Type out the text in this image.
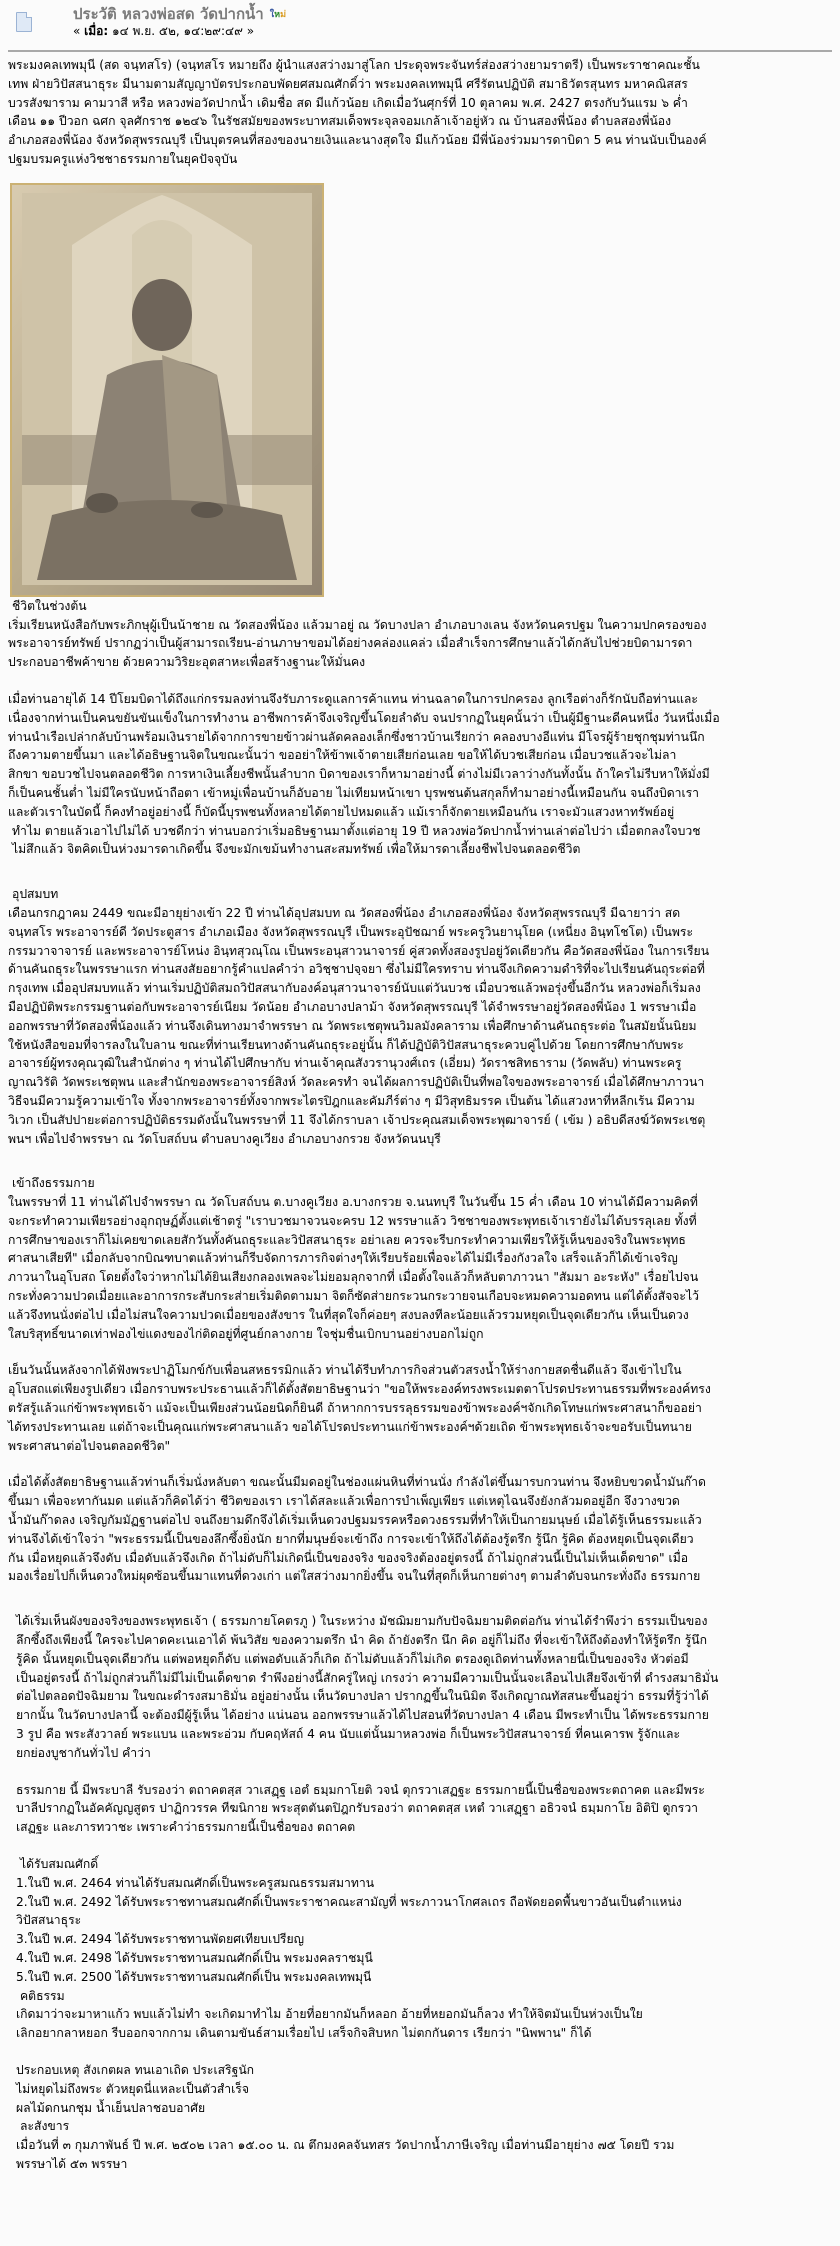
ประวัติ หลวงพ่อสด วัดปากน้ำ ใหม่
« เมื่อ: ๑๔ พ.ย. ๕๒, ๑๔:๒๙:๔๙ »

พระมงคลเทพมุนี (สด จนฺทสโร) (จนฺทสโร หมายถึง ผู้นำแสงสว่างมาสู่โลก ประดุจพระจันทร์ส่องสว่างยามราตรี) เป็นพระราชาคณะชั้น
เทพ ฝ่ายวิปัสสนาธุระ มีนามตามสัญญาบัตรประกอบพัดยศสมณศักดิ์ว่า พระมงคลเทพมุนี ศรีรัตนปฏิบัติ สมาธิวัตรสุนทร มหาคณิสสร
บวรสังฆาราม คามวาสี หรือ หลวงพ่อวัดปากน้ำ เดิมชื่อ สด มีแก้วน้อย เกิดเมื่อวันศุกร์ที่ 10 ตุลาคม พ.ศ. 2427 ตรงกับวันแรม ๖ ค่ำ
เดือน ๑๑ ปีวอก ฉศก จุลศักราช ๑๒๔๖ ในรัชสมัยของพระบาทสมเด็จพระจุลจอมเกล้าเจ้าอยู่หัว ณ บ้านสองพี่น้อง ตำบลสองพี่น้อง
อำเภอสองพี่น้อง จังหวัดสุพรรณบุรี เป็นบุตรคนที่สองของนายเงินและนางสุดใจ มีแก้วน้อย มีพี่น้องร่วมมารดาบิดา 5 คน ท่านนับเป็นองค์
ปฐมบรมครูแห่งวิชชาธรรมกายในยุคปัจจุบัน

ชีวิตในช่วงต้น

เริ่มเรียนหนังสือกับพระภิกษุผู้เป็นน้าชาย ณ วัดสองพี่น้อง แล้วมาอยู่ ณ วัดบางปลา อำเภอบางเลน จังหวัดนครปฐม ในความปกครองของ
พระอาจารย์ทรัพย์ ปรากฏว่าเป็นผู้สามารถเรียน-อ่านภาษาขอมได้อย่างคล่องแคล่ว เมื่อสำเร็จการศึกษาแล้วได้กลับไปช่วยบิดามารดา
ประกอบอาชีพค้าขาย ด้วยความวิริยะอุตสาหะเพื่อสร้างฐานะให้มั่นคง

เมื่อท่านอายุได้ 14 ปีโยมบิดาได้ถึงแก่กรรมลงท่านจึงรับภาระดูแลการค้าแทน ท่านฉลาดในการปกครอง ลูกเรือต่างก็รักนับถือท่านและ
เนื่องจากท่านเป็นคนขยันขันแข็งในการทำงาน อาชีพการค้าจึงเจริญขึ้นโดยลำดับ จนปรากฏในยุคนั้นว่า เป็นผู้มีฐานะดีคนหนึ่ง วันหนึ่งเมื่อ
ท่านนำเรือเปล่ากลับบ้านพร้อมเงินรายได้จากการขายข้าวผ่านลัดคลองเล็กซึ่งชาวบ้านเรียกว่า คลองบางอีแท่น มีโจรผู้ร้ายชุกชุมท่านนึก
ถึงความตายขึ้นมา และได้อธิษฐานจิตในขณะนั้นว่า ขออย่าให้ข้าพเจ้าตายเสียก่อนเลย ขอให้ได้บวชเสียก่อน เมื่อบวชแล้วจะไม่ลา
สิกขา ขอบวชไปจนตลอดชีวิต การหาเงินเลี้ยงชีพนั้นลำบาก บิดาของเราก็หามาอย่างนี้ ต่างไม่มีเวลาว่างกันทั้งนั้น ถ้าใครไม่รีบหาให้มั่งมี
ก็เป็นคนชั้นต่ำ ไม่มีใครนับหน้าถือตา เข้าหมู่เพื่อนบ้านก็อับอาย ไม่เทียมหน้าเขา บุรพชนต้นสกุลก็ทำมาอย่างนี้เหมือนกัน จนถึงบิดาเรา
และตัวเราในบัดนี้ ก็คงทำอยู่อย่างนี้ ก็บัดนี้บุรพชนทั้งหลายได้ตายไปหมดแล้ว แม้เราก็จักตายเหมือนกัน เราจะมัวแสวงหาทรัพย์อยู่
ทำไม ตายแล้วเอาไปไม่ได้ บวชดีกว่า ท่านบอกว่าเริ่มอธิษฐานมาตั้งแต่อายุ 19 ปี หลวงพ่อวัดปากน้ำท่านเล่าต่อไปว่า เมื่อตกลงใจบวช
ไม่สึกแล้ว จิตคิดเป็นห่วงมารดาเกิดขึ้น จึงขะมักเขม้นทำงานสะสมทรัพย์ เพื่อให้มารดาเลี้ยงชีพไปจนตลอดชีวิต

อุปสมบท

เดือนกรกฎาคม 2449 ขณะมีอายุย่างเข้า 22 ปี ท่านได้อุปสมบท ณ วัดสองพี่น้อง อำเภอสองพี่น้อง จังหวัดสุพรรณบุรี มีฉายาว่า สด
จนฺทสโร พระอาจารย์ดี วัดประตูสาร อำเภอเมือง จังหวัดสุพรรณบุรี เป็นพระอุปัชฌาย์ พระครูวินยานุโยค (เหนี่ยง อินฺทโชโต) เป็นพระ
กรรมวาจาจารย์ และพระอาจารย์โหน่ง อินฺทสุวณฺโณ เป็นพระอนุสาวนาจารย์ คู่สวดทั้งสองรูปอยู่วัดเดียวกัน คือวัดสองพี่น้อง ในการเรียน
ด้านคันถธุระในพรรษาแรก ท่านสงสัยอยากรู้คำแปลคำว่า อวิชฺชาปจฺจยา ซึ่งไม่มีใครทราบ ท่านจึงเกิดความดำริที่จะไปเรียนคันถุระต่อที่
กรุงเทพ เมื่ออุปสมบทแล้ว ท่านเริ่มปฏิบัติสมถวิปัสสนากับองค์อนุสาวนาจารย์นับแต่วันบวช เมื่อบวชแล้วพอรุ่งขึ้นอีกวัน หลวงพ่อก็เริ่มลง
มือปฏิบัติพระกรรมฐานต่อกับพระอาจารย์เนียม วัดน้อย อำเภอบางปลาม้า จังหวัดสุพรรณบุรี ได้จำพรรษาอยู่วัดสองพี่น้อง 1 พรรษาเมื่อ
ออกพรรษาที่วัดสองพี่น้องแล้ว ท่านจึงเดินทางมาจำพรรษา ณ วัดพระเชตุพนวิมลมังคลาราม เพื่อศึกษาด้านคันถธุระต่อ ในสมัยนั้นนิยม
ใช้หนังสือขอมที่จารลงในใบลาน ขณะที่ท่านเรียนทางด้านคันถธุระอยู่นั้น ก็ได้ปฏิบัติวิปัสสนาธุระควบคู่ไปด้วย โดยการศึกษากับพระ
อาจารย์ผู้ทรงคุณวุฒิในสำนักต่าง ๆ ท่านได้ไปศึกษากับ ท่านเจ้าคุณสังวรานุวงศ์เถร (เอี่ยม) วัดราชสิทธาราม (วัดพลับ) ท่านพระครู
ญาณวิรัติ วัดพระเชตุพน และสำนักของพระอาจารย์สิงห์ วัดละครทำ จนได้ผลการปฏิบัติเป็นที่พอใจของพระอาจารย์ เมื่อได้ศึกษาภาวนา
วิธีจนมีความรู้ความเข้าใจ ทั้งจากพระอาจารย์ทั้งจากพระไตรปิฎกและคัมภีร์ต่าง ๆ มีวิสุทธิมรรค เป็นต้น ได้แสวงหาที่หลีกเร้น มีความ
วิเวก เป็นสัปปายะต่อการปฏิบัติธรรมดังนั้นในพรรษาที่ 11 จึงได้กราบลา เจ้าประคุณสมเด็จพระพุฒาจารย์ ( เข้ม ) อธิบดีสงฆ์วัดพระเชตุ
พนฯ เพื่อไปจำพรรษา ณ วัดโบสถ์บน ตำบลบางคูเวียง อำเภอบางกรวย จังหวัดนนบุรี

เข้าถึงธรรมกาย

ในพรรษาที่ 11 ท่านได้ไปจำพรรษา ณ วัดโบสถ์บน ต.บางคูเวียง อ.บางกรวย จ.นนทบุรี ในวันขึ้น 15 ค่ำ เดือน 10 ท่านได้มีความคิดที่
จะกระทำความเพียรอย่างอุกฤษฏ์ตั้งแต่เช้าตรู่ "เราบวชมาจวนจะครบ 12 พรรษาแล้ว วิชชาของพระพุทธเจ้าเรายังไม่ได้บรรลุเลย ทั้งที่
การศึกษาของเราก็ไม่เคยขาดเลยสักวันทั้งคันถธุระและวิปัสสนาธุระ อย่าเลย ควรจะรีบกระทำความเพียรให้รู้เห็นของจริงในพระพุทธ
ศาสนาเสียที" เมื่อกลับจากบิณฑบาตแล้วท่านก็รีบจัดการภารกิจต่างๆให้เรียบร้อยเพื่อจะได้ไม่มีเรื่องกังวลใจ เสร็จแล้วก็ได้เข้าเจริญ
ภาวนาในอุโบสถ โดยตั้งใจว่าหากไม่ได้ยินเสียงกลองเพลจะไม่ยอมลุกจากที่ เมื่อตั้งใจแล้วก็หลับตาภาวนา "สัมมา อะระหัง" เรื่อยไปจน
กระทั่งความปวดเมื่อยและอาการกระสับกระส่ายเริ่มติดตามมา จิตก็ซัดส่ายกระวนกระวายจนเกือบจะหมดความอดทน แต่ได้ตั้งสัจจะไว้
แล้วจึงทนนั่งต่อไป เมื่อไม่สนใจความปวดเมื่อยของสังขาร ในที่สุดใจก็ค่อยๆ สงบลงทีละน้อยแล้วรวมหยุดเป็นจุดเดียวกัน เห็นเป็นดวง
ใสบริสุทธิ์ขนาดเท่าฟองไข่แดงของไก่ติดอยู่ที่ศูนย์กลางกาย ใจชุ่มชื่นเบิกบานอย่างบอกไม่ถูก

เย็นวันนั้นหลังจากได้ฟังพระปาฏิโมกข์กับเพื่อนสหธรรมิกแล้ว ท่านได้รีบทำภารกิจส่วนตัวสรงน้ำให้ร่างกายสดชื่นดีแล้ว จึงเข้าไปใน
อุโบสถแต่เพียงรูปเดียว เมื่อกราบพระประธานแล้วก็ได้ตั้งสัตยาธิษฐานว่า "ขอให้พระองค์ทรงพระเมตตาโปรดประทานธรรมที่พระองค์ทรง
ตรัสรู้แล้วแก่ข้าพระพุทธเจ้า แม้จะเป็นเพียงส่วนน้อยนิดก็ยินดี ถ้าหากการบรรลุธรรมของข้าพระองค์ฯจักเกิดโทษแก่พระศาสนาก็ขออย่า
ได้ทรงประทานเลย แต่ถ้าจะเป็นคุณแก่พระศาสนาแล้ว ขอได้โปรดประทานแก่ข้าพระองค์ฯด้วยเถิด ข้าพระพุทธเจ้าจะขอรับเป็นทนาย
พระศาสนาต่อไปจนตลอดชีวิต"

เมื่อได้ตั้งสัตยาธิษฐานแล้วท่านก็เริ่มนั่งหลับตา ขณะนั้นมีมดอยู่ในช่องแผ่นหินที่ท่านนั่ง กำลังไต่ขึ้นมารบกวนท่าน จึงหยิบขวดน้ำมันก๊าด
ขึ้นมา เพื่อจะทากันมด แต่แล้วก็คิดได้ว่า ชีวิตของเรา เราได้สละแล้วเพื่อการบำเพ็ญเพียร แต่เหตุไฉนจึงยังกลัวมดอยู่อีก จึงวางขวด
น้ำมันก๊าดลง เจริญกัมมัฏฐานต่อไป จนถึงยามดึกจึงได้เริ่มเห็นดวงปฐมมรรคหรือดวงธรรมที่ทำให้เป็นกายมนุษย์ เมื่อได้รู้เห็นธรรมะแล้ว
ท่านจึงได้เข้าใจว่า "พระธรรมนี้เป็นของลึกซึ้งยิ่งนัก ยากที่มนุษย์จะเข้าถึง การจะเข้าให้ถึงได้ต้องรู้ตรึก รู้นึก รู้คิด ต้องหยุดเป็นจุดเดียว
กัน เมื่อหยุดแล้วจึงดับ เมื่อดับแล้วจึงเกิด ถ้าไม่ดับก็ไม่เกิดนี่เป็นของจริง ของจริงต้องอยู่ตรงนี้ ถ้าไม่ถูกส่วนนี้เป็นไม่เห็นเด็ดขาด" เมื่อ
มองเรื่อยไปก็เห็นดวงใหม่ผุดซ้อนขึ้นมาแทนที่ดวงเก่า แต่ใสสว่างมากยิ่งขึ้น จนในที่สุดก็เห็นกายต่างๆ ตามลำดับจนกระทั่งถึง ธรรมกาย

ได้เริ่มเห็นผังของจริงของพระพุทธเจ้า ( ธรรมกายโคตรภู ) ในระหว่าง มัชฌิมยามกับปัจฉิมยามติดต่อกัน ท่านได้รำพึงว่า ธรรมเป็นของ
ลึกซึ้งถึงเพียงนี้ ใครจะไปคาดคะเนเอาได้ พ้นวิสัย ของความตรึก นำ คิด ถ้ายังตรึก นึก คิด อยู่ก็ไม่ถึง ที่จะเข้าให้ถึงต้องทำให้รู้ตรึก รู้นึก
รู้คิด นั้นหยุดเป็นจุดเดียวกัน แต่พอหยุดก็ดับ แต่พอดับแล้วก็เกิด ถ้าไม่ดับแล้วก็ไม่เกิด ตรองดูเถิดท่านทั้งหลายนี่เป็นของจริง หัวต่อมี
เป็นอยู่ตรงนี้ ถ้าไม่ถูกส่วนก็ไม่มีไม่เป็นเด็ดขาด รำพึงอย่างนี้สักครู่ใหญ่ เกรงว่า ความมีความเป็นนั้นจะเลือนไปเสียจึงเข้าที่ ดำรงสมาธิมั่น
ต่อไปตลอดปัจฉิมยาม ในขณะดำรงสมาธิมั่น อยู่อย่างนั้น เห็นวัดบางปลา ปรากฏขึ้นในนิมิต จึงเกิดญาณทัสสนะขึ้นอยู่ว่า ธรรมที่รู้ว่าได้
ยากนั้น ในวัดบางปลานี้ จะต้องมีผู้รู้เห็น ได้อย่าง แน่นอน ออกพรรษาแล้วได้ไปสอนที่วัดบางปลา 4 เดือน มีพระทำเป็น ได้พระธรรมกาย
3 รูป คือ พระสังวาลย์ พระแบน และพระอ่วม กับคฤหัสถ์ 4 คน นับแต่นั้นมาหลวงพ่อ ก็เป็นพระวิปัสสนาจารย์ ที่คนเคารพ รู้จักและ
ยกย่องบูชากันทั่วไป คำว่า

ธรรมกาย นี้ มีพระบาลี รับรองว่า ตถาคตสฺส วาเสฏฺฐ เอตํ ธมฺมกาโยติ วจนํ ตุกรวาเสฏฐะ ธรรมกายนี้เป็นชื่อของพระตถาคต และมีพระ
บาลีปรากฏในอัคคัญญสูตร ปาฏิกวรรค ทีฆนิกาย พระสุตตันตปิฎกรับรองว่า ตถาคตสฺส เหตํ วาเสฏฺฐา อธิวจนํ ธมฺมกาโย อิติปิ ตูกรวา
เสฏฐะ และภารทวาชะ เพราะคำว่าธรรมกายนี้เป็นชื่อของ ตถาคต

ได้รับสมณศักดิ์

1.ในปี พ.ศ. 2464 ท่านได้รับสมณศักดิ์เป็นพระครูสมณธรรมสมาทาน
2.ในปี พ.ศ. 2492 ได้รับพระราชทานสมณศักดิ์เป็นพระราชาคณะสามัญที่ พระภาวนาโกศลเถร ถือพัดยอดพื้นขาวอันเป็นตำแหน่ง
วิปัสสนาธุระ
3.ในปี พ.ศ. 2494 ได้รับพระราชทานพัดยศเทียบเปรียญ
4.ในปี พ.ศ. 2498 ได้รับพระราชทานสมณศักดิ์เป็น พระมงคลราชมุนี
5.ในปี พ.ศ. 2500 ได้รับพระราชทานสมณศักดิ์เป็น พระมงคลเทพมุนี

คติธรรม

เกิดมาว่าจะมาหาแก้ว พบแล้วไม่ทำ จะเกิดมาทำไม อ้ายที่อยากมันก็หลอก อ้ายที่หยอกมันก็ลวง ทำให้จิตมันเป็นห่วงเป็นใย
เลิกอยากลาหยอก รีบออกจากกาม เดินตามขันธ์สามเรื่อยไป เสร็จกิจสิบหก ไม่ตกกันดาร เรียกว่า "นิพพาน" ก็ได้

ประกอบเหตุ สังเกตผล ทนเอาเถิด ประเสริฐนัก
ไม่หยุดไม่ถึงพระ ตัวหยุดนี่แหละเป็นตัวสำเร็จ
ผลไม้ดกนกชุม น้ำเย็นปลาชอบอาศัย

ละสังขาร

เมื่อวันที่ ๓ กุมภาพันธ์ ปี พ.ศ. ๒๕๐๒ เวลา ๑๕.๐๐ น. ณ ตึกมงคลจันทสร วัดปากน้ำภาษีเจริญ เมื่อท่านมีอายุย่าง ๗๕ โดยปี รวม
พรรษาได้ ๕๓ พรรษา
